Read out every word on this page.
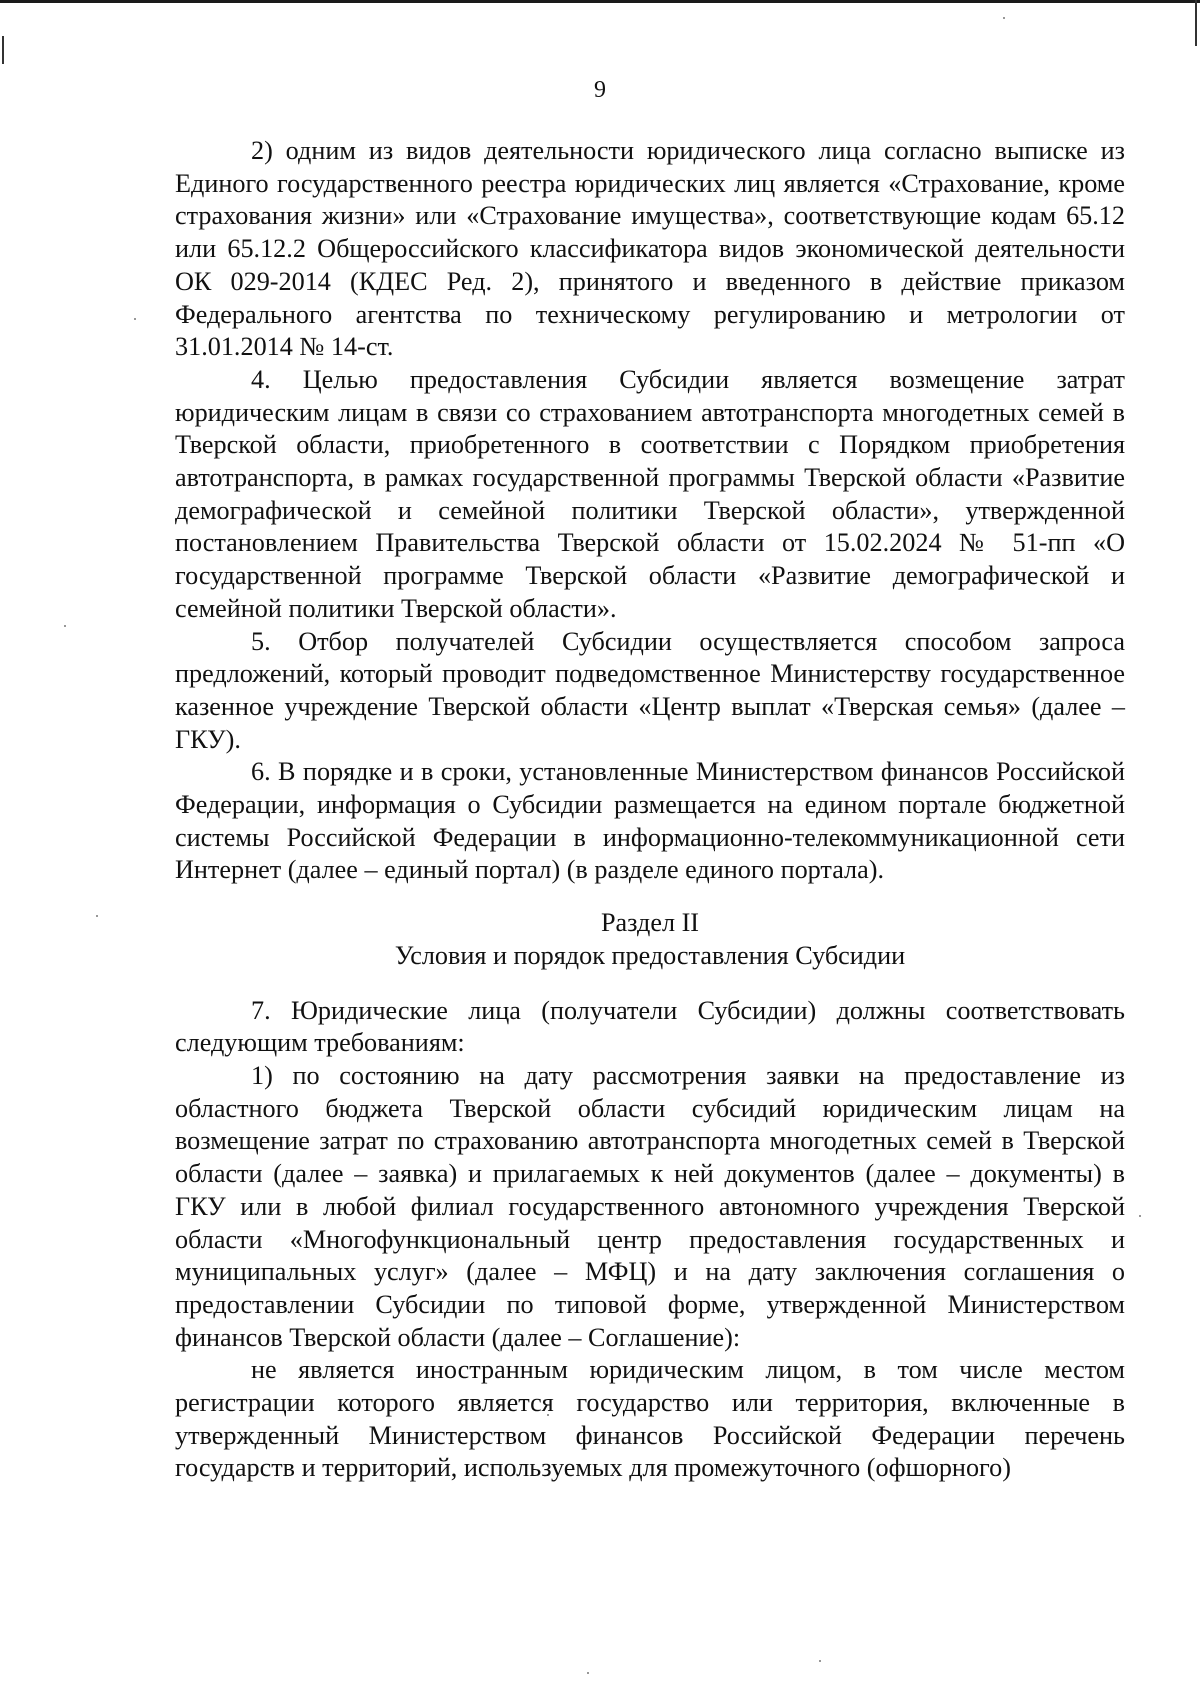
9

2) одним из видов деятельности юридического лица согласно выписке из Единого государственного реестра юридических лиц является «Страхование, кроме страхования жизни» или «Страхование имущества», соответствующие кодам 65.12 или 65.12.2 Общероссийского классификатора видов экономической деятельности ОК 029-2014 (КДЕС Ред. 2), принятого и введенного в действие приказом Федерального агентства по техническому регулированию и метрологии от 31.01.2014 № 14-ст.

4. Целью предоставления Субсидии является возмещение затрат юридическим лицам в связи со страхованием автотранспорта многодетных семей в Тверской области, приобретенного в соответствии с Порядком приобретения автотранспорта, в рамках государственной программы Тверской области «Развитие демографической и семейной политики Тверской области», утвержденной постановлением Правительства Тверской области от 15.02.2024 № 51-пп «О государственной программе Тверской области «Развитие демографической и семейной политики Тверской области».

5. Отбор получателей Субсидии осуществляется способом запроса предложений, который проводит подведомственное Министерству государственное казенное учреждение Тверской области «Центр выплат «Тверская семья» (далее – ГКУ).

6. В порядке и в сроки, установленные Министерством финансов Российской Федерации, информация о Субсидии размещается на едином портале бюджетной системы Российской Федерации в информационно-телекоммуникационной сети Интернет (далее – единый портал) (в разделе единого портала).

Раздел II

Условия и порядок предоставления Субсидии

7. Юридические лица (получатели Субсидии) должны соответствовать следующим требованиям:

1) по состоянию на дату рассмотрения заявки на предоставление из областного бюджета Тверской области субсидий юридическим лицам на возмещение затрат по страхованию автотранспорта многодетных семей в Тверской области (далее – заявка) и прилагаемых к ней документов (далее – документы) в ГКУ или в любой филиал государственного автономного учреждения Тверской области «Многофункциональный центр предоставления государственных и муниципальных услуг» (далее – МФЦ) и на дату заключения соглашения о предоставлении Субсидии по типовой форме, утвержденной Министерством финансов Тверской области (далее – Соглашение):

не является иностранным юридическим лицом, в том числе местом регистрации которого является государство или территория, включенные в утвержденный Министерством финансов Российской Федерации перечень государств и территорий, используемых для промежуточного (офшорного)
